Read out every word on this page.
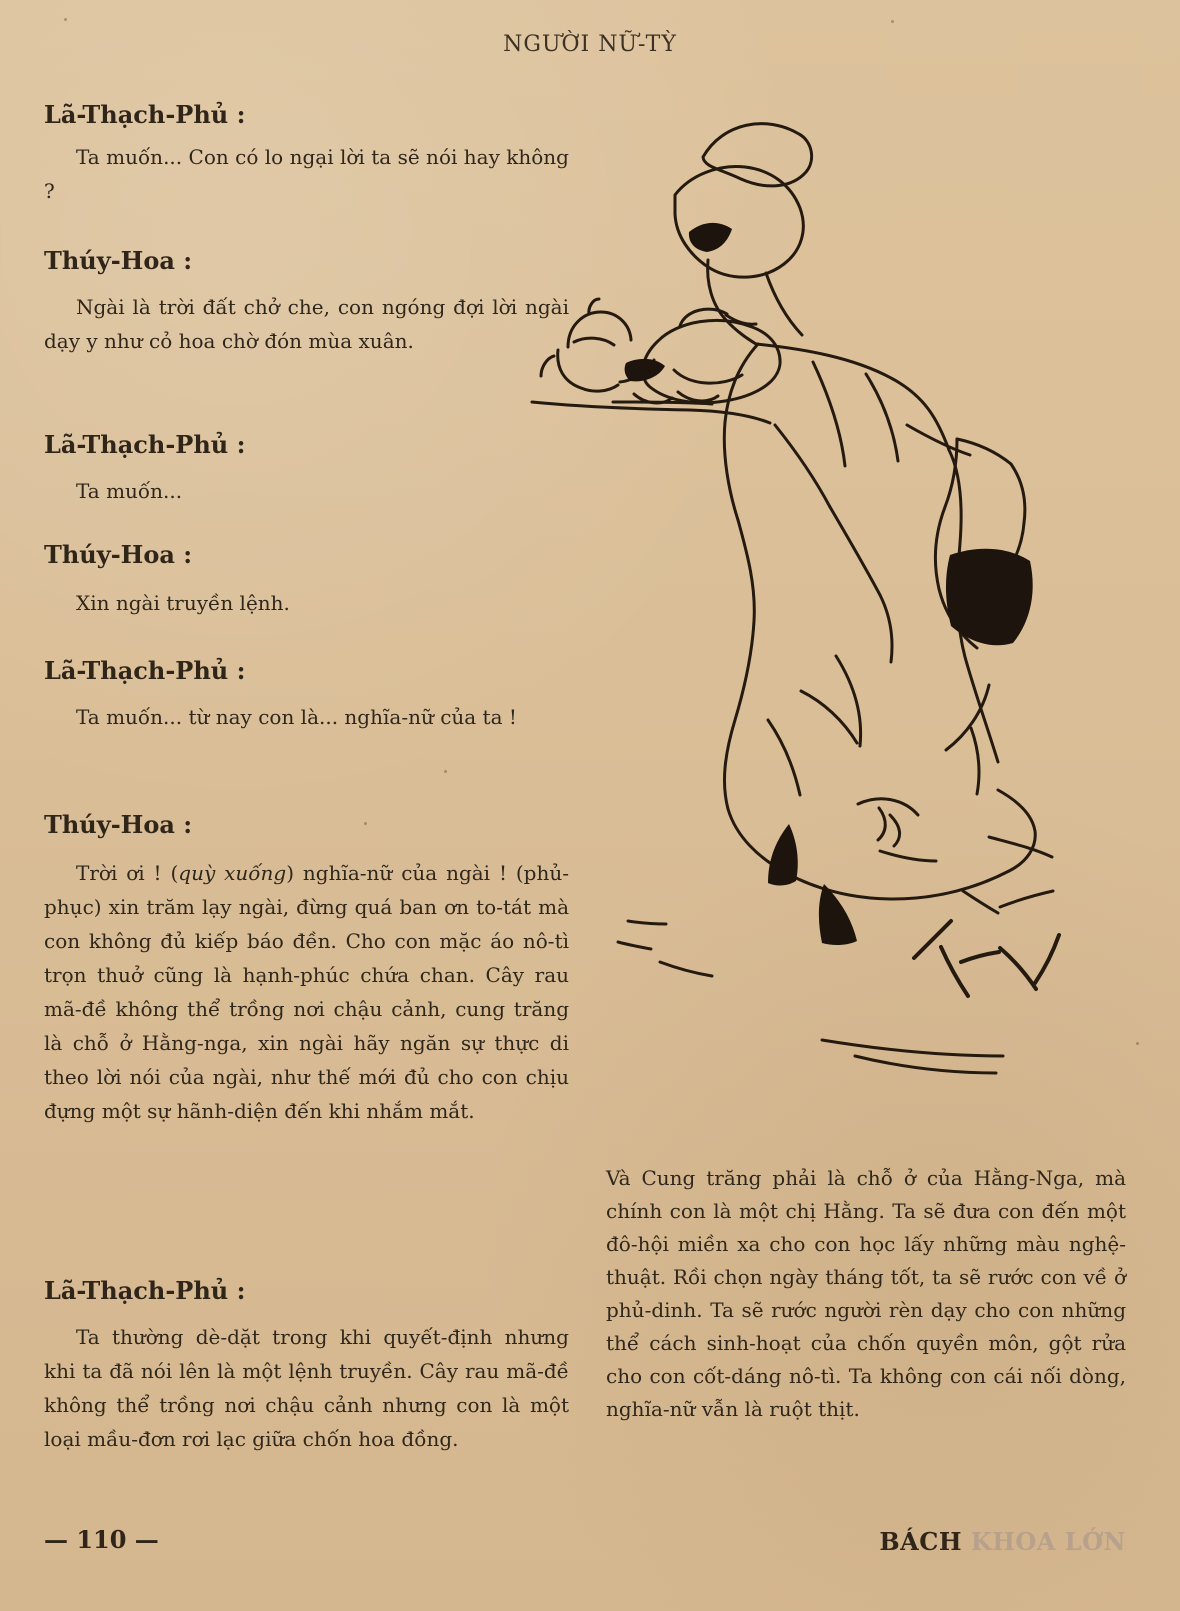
NGƯỜI NỮ-TỲ
Lã-Thạch-Phủ :
Ta muốn... Con có lo ngại lời ta sẽ nói hay không ?
Thúy-Hoa :
Ngài là trời đất chở che, con ngóng đợi lời ngài dạy y như cỏ hoa chờ đón mùa xuân.
Lã-Thạch-Phủ :
Ta muốn...
Thúy-Hoa :
Xin ngài truyền lệnh.
Lã-Thạch-Phủ :
Ta muốn... từ nay con là... nghĩa-nữ của ta !
Thúy-Hoa :
Trời ơi ! (quỳ xuống) nghĩa-nữ của ngài ! (phủ-phục) xin trăm lạy ngài, đừng quá ban ơn to-tát mà con không đủ kiếp báo đền. Cho con mặc áo nô-tì trọn thuở cũng là hạnh-phúc chứa chan. Cây rau mã-đề không thể trồng nơi chậu cảnh, cung trăng là chỗ ở Hằng-nga, xin ngài hãy ngăn sự thực di theo lời nói của ngài, như thế mới đủ cho con chịu đựng một sự hãnh-diện đến khi nhắm mắt.
Lã-Thạch-Phủ :
Ta thường dè-dặt trong khi quyết-định nhưng khi ta đã nói lên là một lệnh truyền. Cây rau mã-đề không thể trồng nơi chậu cảnh nhưng con là một loại mầu-đơn rơi lạc giữa chốn hoa đồng.
Và Cung trăng phải là chỗ ở của Hằng-Nga, mà chính con là một chị Hằng. Ta sẽ đưa con đến một đô-hội miền xa cho con học lấy những màu nghệ-thuật. Rồi chọn ngày tháng tốt, ta sẽ rước con về ở phủ-dinh. Ta sẽ rước người rèn dạy cho con những thể cách sinh-hoạt của chốn quyền môn, gột rửa cho con cốt-dáng nô-tì. Ta không con cái nối dòng, nghĩa-nữ vẫn là ruột thịt.
Ngọc
— 110 —	BÁCH KHOA LỚN
